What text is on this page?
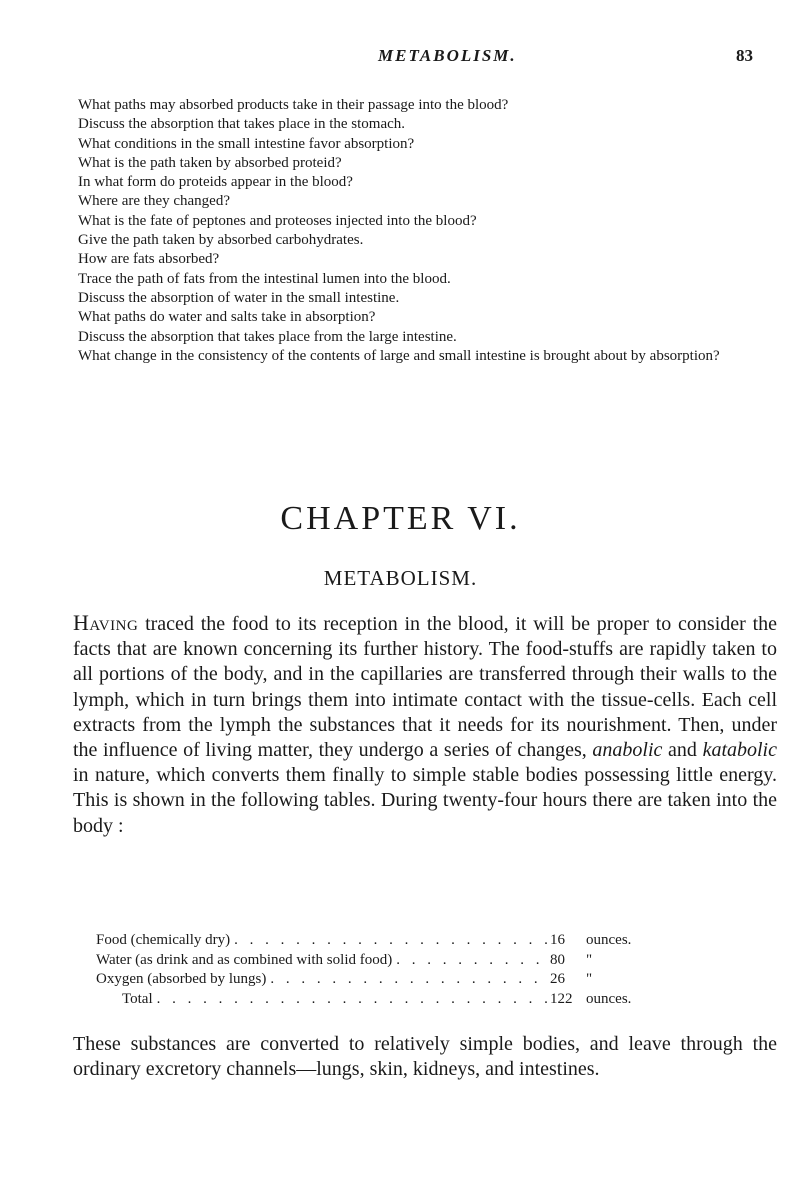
METABOLISM.	83

What paths may absorbed products take in their passage into the blood?

Discuss the absorption that takes place in the stomach.

What conditions in the small intestine favor absorption?

What is the path taken by absorbed proteid?

In what form do proteids appear in the blood?

Where are they changed?

What is the fate of peptones and proteoses injected into the blood?

Give the path taken by absorbed carbohydrates.

How are fats absorbed?

Trace the path of fats from the intestinal lumen into the blood.

Discuss the absorption of water in the small intestine.

What paths do water and salts take in absorption?

Discuss the absorption that takes place from the large intestine.

What change in the consistency of the contents of large and small intestine is brought about by absorption?

CHAPTER VI.
METABOLISM.

Having traced the food to its reception in the blood, it will be proper to consider the facts that are known concerning its further history. The food-stuffs are rapidly taken to all portions of the body, and in the capillaries are transferred through their walls to the lymph, which in turn brings them into intimate contact with the tissue-cells. Each cell extracts from the lymph the substances that it needs for its nourishment. Then, under the influence of living matter, they undergo a series of changes, anabolic and katabolic in nature, which converts them finally to simple stable bodies possessing little energy. This is shown in the following tables. During twenty-four hours there are taken into the body :

Food (chemically dry) . . .	16	ounces.
Water (as drink and as combined with solid food) . . .	80	"
Oxygen (absorbed by lungs) . . .	26	"
Total . . .	122 ounces.

These substances are converted to relatively simple bodies, and leave through the ordinary excretory channels—lungs, skin, kidneys, and intestines.
